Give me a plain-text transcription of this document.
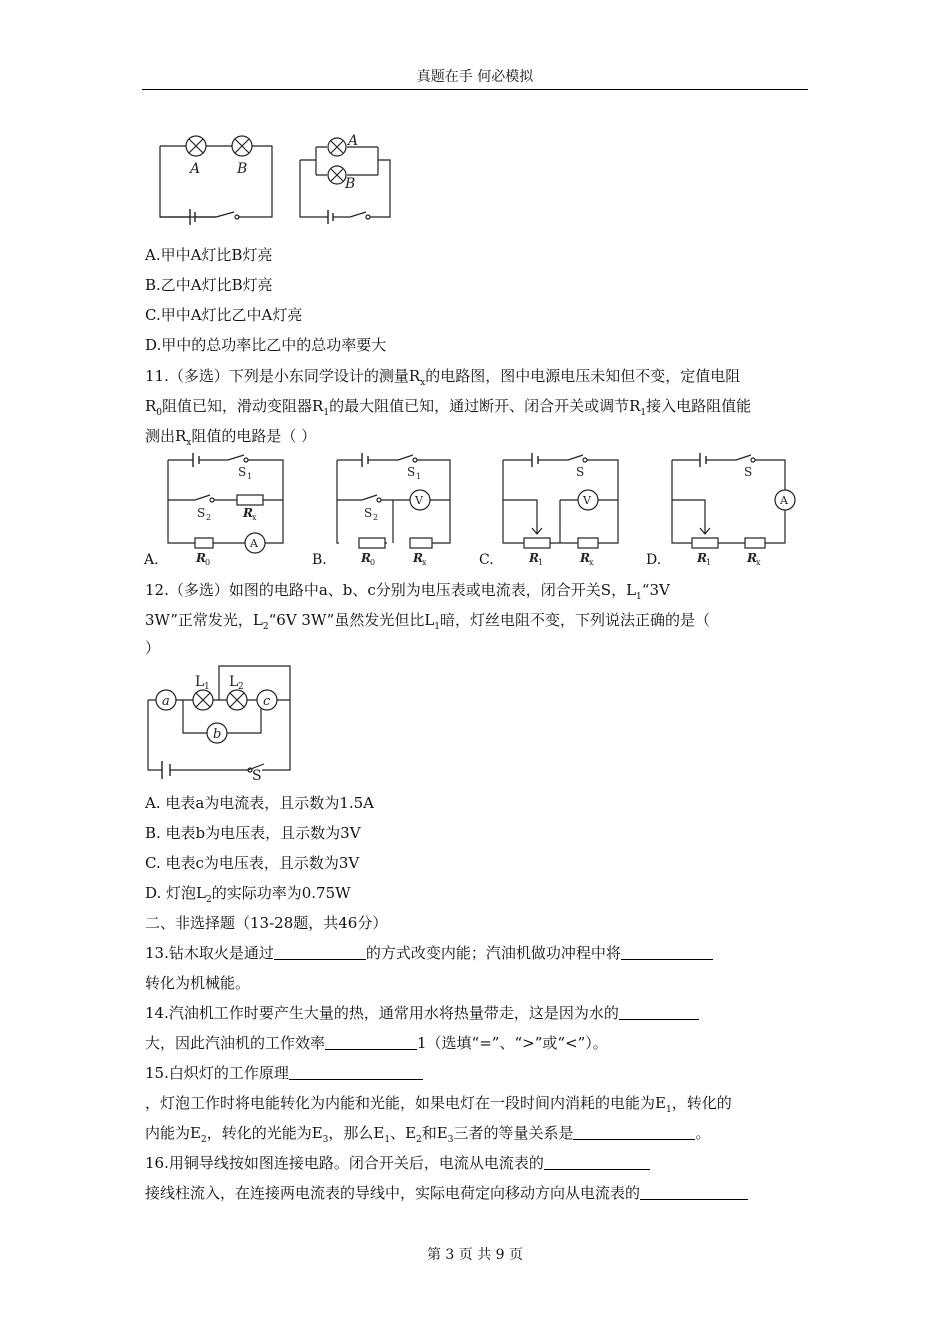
真题在手 何必模拟
A	B
A
B
A.甲中A灯比B灯亮
B.乙中A灯比B灯亮
C.甲中A灯比乙中A灯亮
D.甲中的总功率比乙中的总功率要大
11.（多选）下列是小东同学设计的测量$R_x$的电路图，图中电源电压未知但不变，定值电阻
$R_0$阻值已知，滑动变阻器$R_1$的最大阻值已知，通过断开、闭合开关或调节$R_1$接入电路阻值能
测出$R_x$阻值的电路是（ ）
S 1
S 2	R x
R 0
A
S 1
S 2
V
R 0	R x
S
V
R 1	R x
S
A
R 1	R x
A.	B.	C.	D.
12.（多选）如图的电路中a、b、c分别为电压表或电流表，闭合开关S，$L_1“3V$
3W”正常发光，$L_2“6V$ 3W”虽然发光但比$L_1$暗，灯丝电阻不变，下列说法正确的是（
）
a
b
c
L 1 L 2
S
A. 电表a为电流表，且示数为1.5A
B. 电表b为电压表，且示数为3V
C. 电表c为电压表，且示数为3V
D. 灯泡$L_2$的实际功率为0.75W
二、非选择题（13-28题，共46分）
13.钻木取火是通过	的方式改变内能；汽油机做功冲程中将
转化为机械能。
14.汽油机工作时要产生大量的热，通常用水将热量带走，这是因为水的
大，因此汽油机的工作效率	1（选填“=”、“>”或“<”）。
15.白炽灯的工作原理
，灯泡工作时将电能转化为内能和光能，如果电灯在一段时间内消耗的电能为$E_1$，转化的
内能为$E_2$，转化的光能为$E_3$，那么$E_1$、$E_2$和$E_3$三者的等量关系是	。
16.用铜导线按如图连接电路。闭合开关后，电流从电流表的
接线柱流入，在连接两电流表的导线中，实际电荷定向移动方向从电流表的
第 3 页 共 9 页
